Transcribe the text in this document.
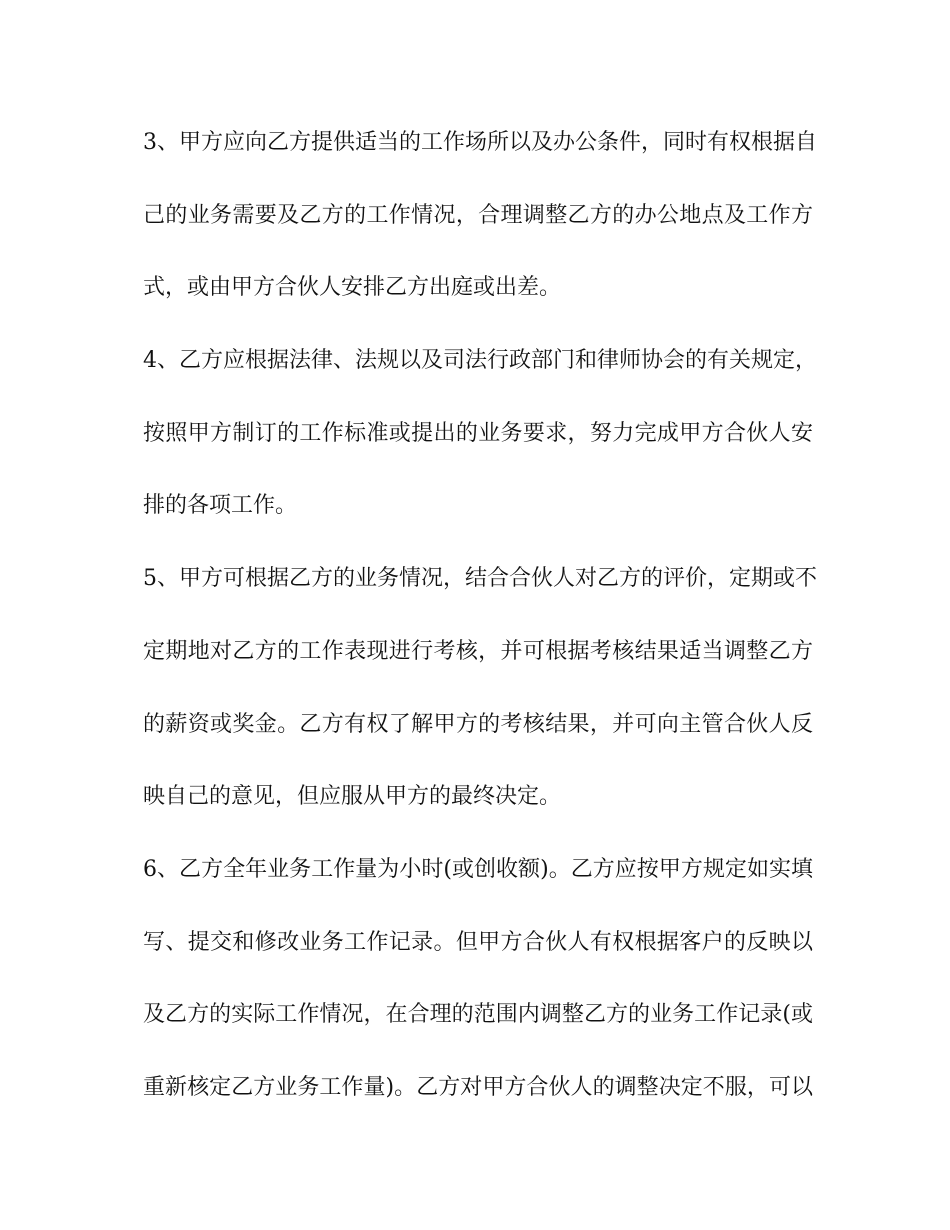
3、甲方应向乙方提供适当的工作场所以及办公条件，同时有权根据自
己的业务需要及乙方的工作情况，合理调整乙方的办公地点及工作方
式，或由甲方合伙人安排乙方出庭或出差。
4、乙方应根据法律、法规以及司法行政部门和律师协会的有关规定，
按照甲方制订的工作标准或提出的业务要求，努力完成甲方合伙人安
排的各项工作。
5、甲方可根据乙方的业务情况，结合合伙人对乙方的评价，定期或不
定期地对乙方的工作表现进行考核，并可根据考核结果适当调整乙方
的薪资或奖金。乙方有权了解甲方的考核结果，并可向主管合伙人反
映自己的意见，但应服从甲方的最终决定。
6、乙方全年业务工作量为小时(或创收额)。乙方应按甲方规定如实填
写、提交和修改业务工作记录。但甲方合伙人有权根据客户的反映以
及乙方的实际工作情况，在合理的范围内调整乙方的业务工作记录(或
重新核定乙方业务工作量)。乙方对甲方合伙人的调整决定不服，可以
